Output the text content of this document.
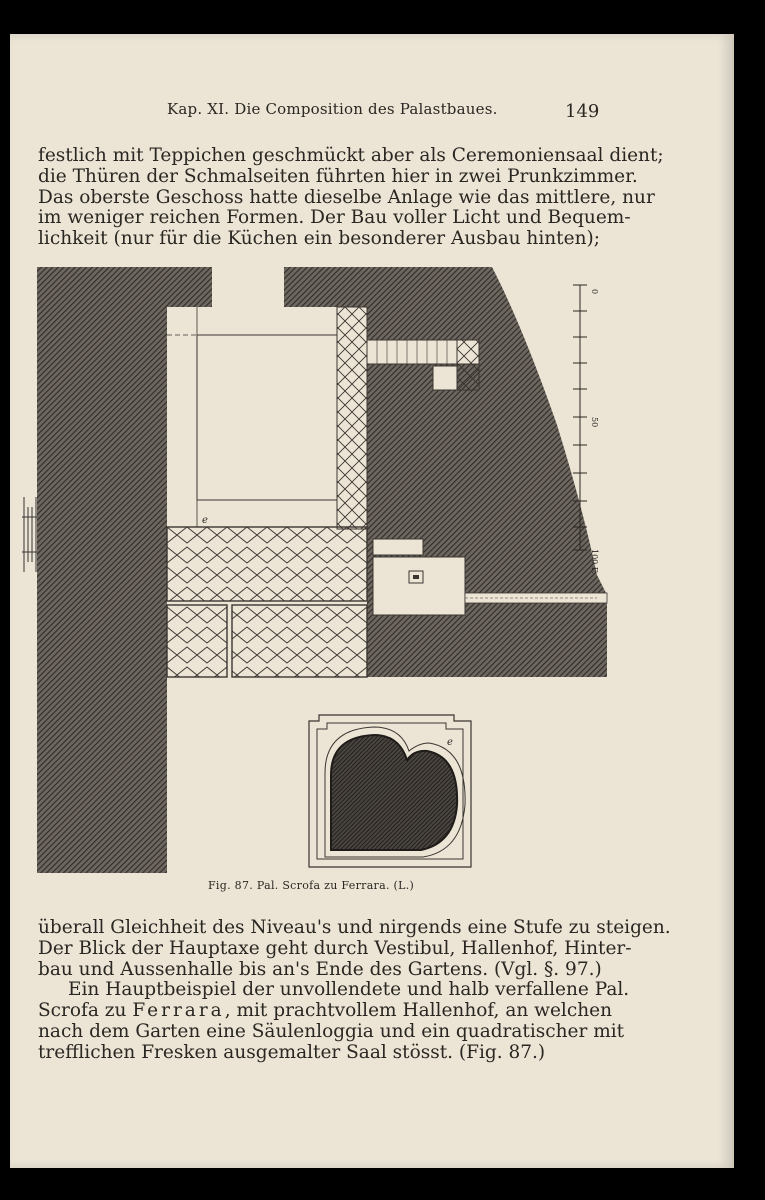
Kap. XI. Die Composition des Palastbaues.	149
festlich mit Teppichen geschmückt aber als Ceremoniensaal dient;
die Thüren der Schmalseiten führten hier in zwei Prunkzimmer.
Das oberste Geschoss hatte dieselbe Anlage wie das mittlere, nur
im weniger reichen Formen. Der Bau voller Licht und Bequem-
lichkeit (nur für die Küchen ein besonderer Ausbau hinten);
0
50
100 F.
e
e
Fig. 87. Pal. Scrofa zu Ferrara. (L.)
überall Gleichheit des Niveau's und nirgends eine Stufe zu steigen.
Der Blick der Hauptaxe geht durch Vestibul, Hallenhof, Hinter-
bau und Aussenhalle bis an's Ende des Gartens. (Vgl. §. 97.)
Ein Hauptbeispiel der unvollendete und halb verfallene Pal.
Scrofa zu Ferrara, mit prachtvollem Hallenhof, an welchen
nach dem Garten eine Säulenloggia und ein quadratischer mit
trefflichen Fresken ausgemalter Saal stösst. (Fig. 87.)
